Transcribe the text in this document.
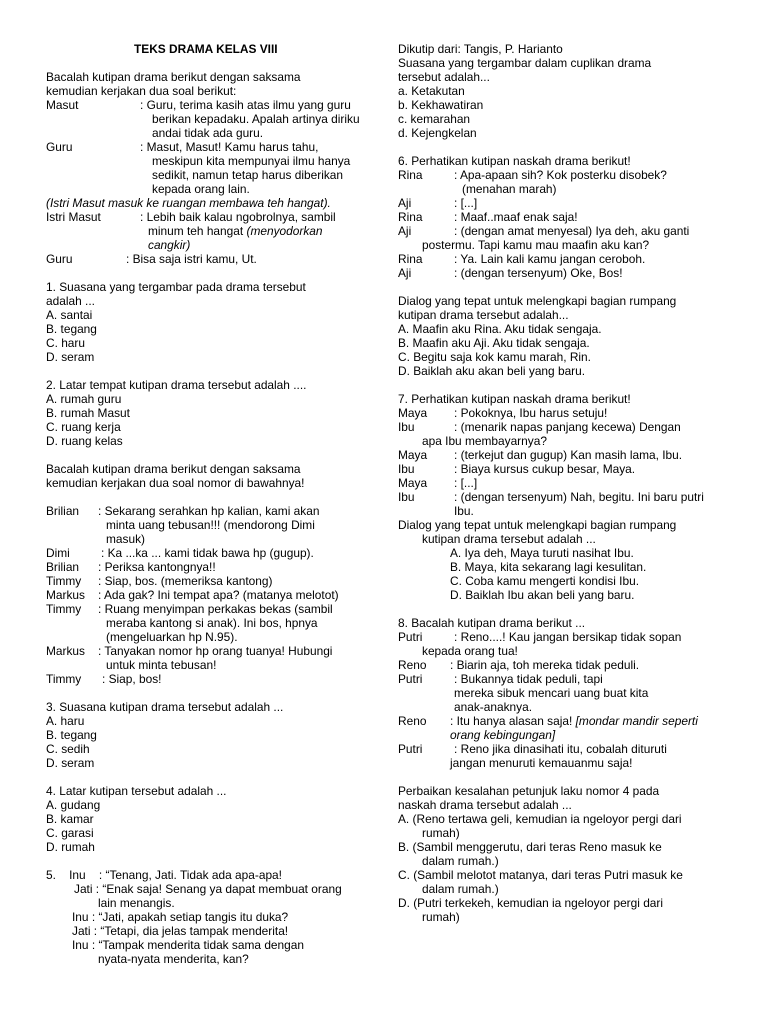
TEKS DRAMA KELAS VIII

Bacalah kutipan drama berikut dengan saksama

kemudian kerjakan dua soal berikut:

Masut	: Guru, terima kasih atas ilmu yang guru

berikan kepadaku. Apalah artinya diriku

andai tidak ada guru.

Guru	: Masut, Masut! Kamu harus tahu,

meskipun kita mempunyai ilmu hanya

sedikit, namun tetap harus diberikan

kepada orang lain.

(Istri Masut masuk ke ruangan membawa teh hangat).

Istri Masut	: Lebih baik kalau ngobrolnya, sambil

minum teh hangat (menyodorkan

cangkir)

Guru	: Bisa saja istri kamu, Ut.

1. Suasana yang tergambar pada drama tersebut

adalah ...

A. santai

B. tegang

C. haru

D. seram

2. Latar tempat kutipan drama tersebut adalah ....

A. rumah guru

B. rumah Masut

C. ruang kerja

D. ruang kelas

Bacalah kutipan drama berikut dengan saksama

kemudian kerjakan dua soal nomor di bawahnya!

Brilian	: Sekarang serahkan hp kalian, kami akan

minta uang tebusan!!! (mendorong Dimi

masuk)

Dimi	: Ka ...ka ... kami tidak bawa hp (gugup).
Brilian	: Periksa kantongnya!!
Timmy	: Siap, bos. (memeriksa kantong)
Markus	: Ada gak? Ini tempat apa? (matanya melotot)
Timmy	: Ruang menyimpan perkakas bekas (sambil

meraba kantong si anak). Ini bos, hpnya

(mengeluarkan hp N.95).

Markus	: Tanyakan nomor hp orang tuanya! Hubungi

untuk minta tebusan!

Timmy	: Siap, bos!

3. Suasana kutipan drama tersebut adalah ...

A. haru

B. tegang

C. sedih

D. seram

4. Latar kutipan tersebut adalah ...

A. gudang

B. kamar

C. garasi

D. rumah

5.    Inu    : “Tenang, Jati. Tidak ada apa-apa!

Jati : “Enak saja! Senang ya dapat membuat orang

lain menangis.

Inu : “Jati, apakah setiap tangis itu duka?

Jati : “Tetapi, dia jelas tampak menderita!

Inu : “Tampak menderita tidak sama dengan

nyata-nyata menderita, kan?

Dikutip dari: Tangis, P. Harianto

Suasana yang tergambar dalam cuplikan drama

tersebut adalah...

a. Ketakutan

b. Kekhawatiran

c. kemarahan

d. Kejengkelan

6. Perhatikan kutipan naskah drama berikut!

Rina	: Apa-apaan sih? Kok posterku disobek?

(menahan marah)

Aji	: [...]
Rina	: Maaf..maaf enak saja!
Aji	: (dengan amat menyesal) Iya deh, aku ganti

postermu. Tapi kamu mau maafin aku kan?

Rina	: Ya. Lain kali kamu jangan ceroboh.
Aji	: (dengan tersenyum) Oke, Bos!

Dialog yang tepat untuk melengkapi bagian rumpang

kutipan drama tersebut adalah...

A. Maafin aku Rina. Aku tidak sengaja.

B. Maafin aku Aji. Aku tidak sengaja.

C. Begitu saja kok kamu marah, Rin.

D. Baiklah aku akan beli yang baru.

7. Perhatikan kutipan naskah drama berikut!

Maya	: Pokoknya, Ibu harus setuju!
Ibu	: (menarik napas panjang kecewa) Dengan

apa Ibu membayarnya?

Maya	: (terkejut dan gugup) Kan masih lama, Ibu.
Ibu	: Biaya kursus cukup besar, Maya.
Maya	: [...]
Ibu	: (dengan tersenyum) Nah, begitu. Ini baru putri

Ibu.

Dialog yang tepat untuk melengkapi bagian rumpang

kutipan drama tersebut adalah ...

A. Iya deh, Maya turuti nasihat Ibu.

B. Maya, kita sekarang lagi kesulitan.

C. Coba kamu mengerti kondisi Ibu.

D. Baiklah Ibu akan beli yang baru.

8. Bacalah kutipan drama berikut ...

Putri	: Reno....! Kau jangan bersikap tidak sopan

kepada orang tua!

Reno	: Biarin aja, toh mereka tidak peduli.
Putri	: Bukannya tidak peduli, tapi

mereka sibuk mencari uang buat kita

anak-anaknya.

Reno	: Itu hanya alasan saja! [mondar mandir seperti

orang kebingungan]

Putri	: Reno jika dinasihati itu, cobalah dituruti

jangan menuruti kemauanmu saja!

Perbaikan kesalahan petunjuk laku nomor 4 pada

naskah drama tersebut adalah ...

A. (Reno tertawa geli, kemudian ia ngeloyor pergi dari

rumah)

B. (Sambil menggerutu, dari teras Reno masuk ke

dalam rumah.)

C. (Sambil melotot matanya, dari teras Putri masuk ke

dalam rumah.)

D. (Putri terkekeh, kemudian ia ngeloyor pergi dari

rumah)
